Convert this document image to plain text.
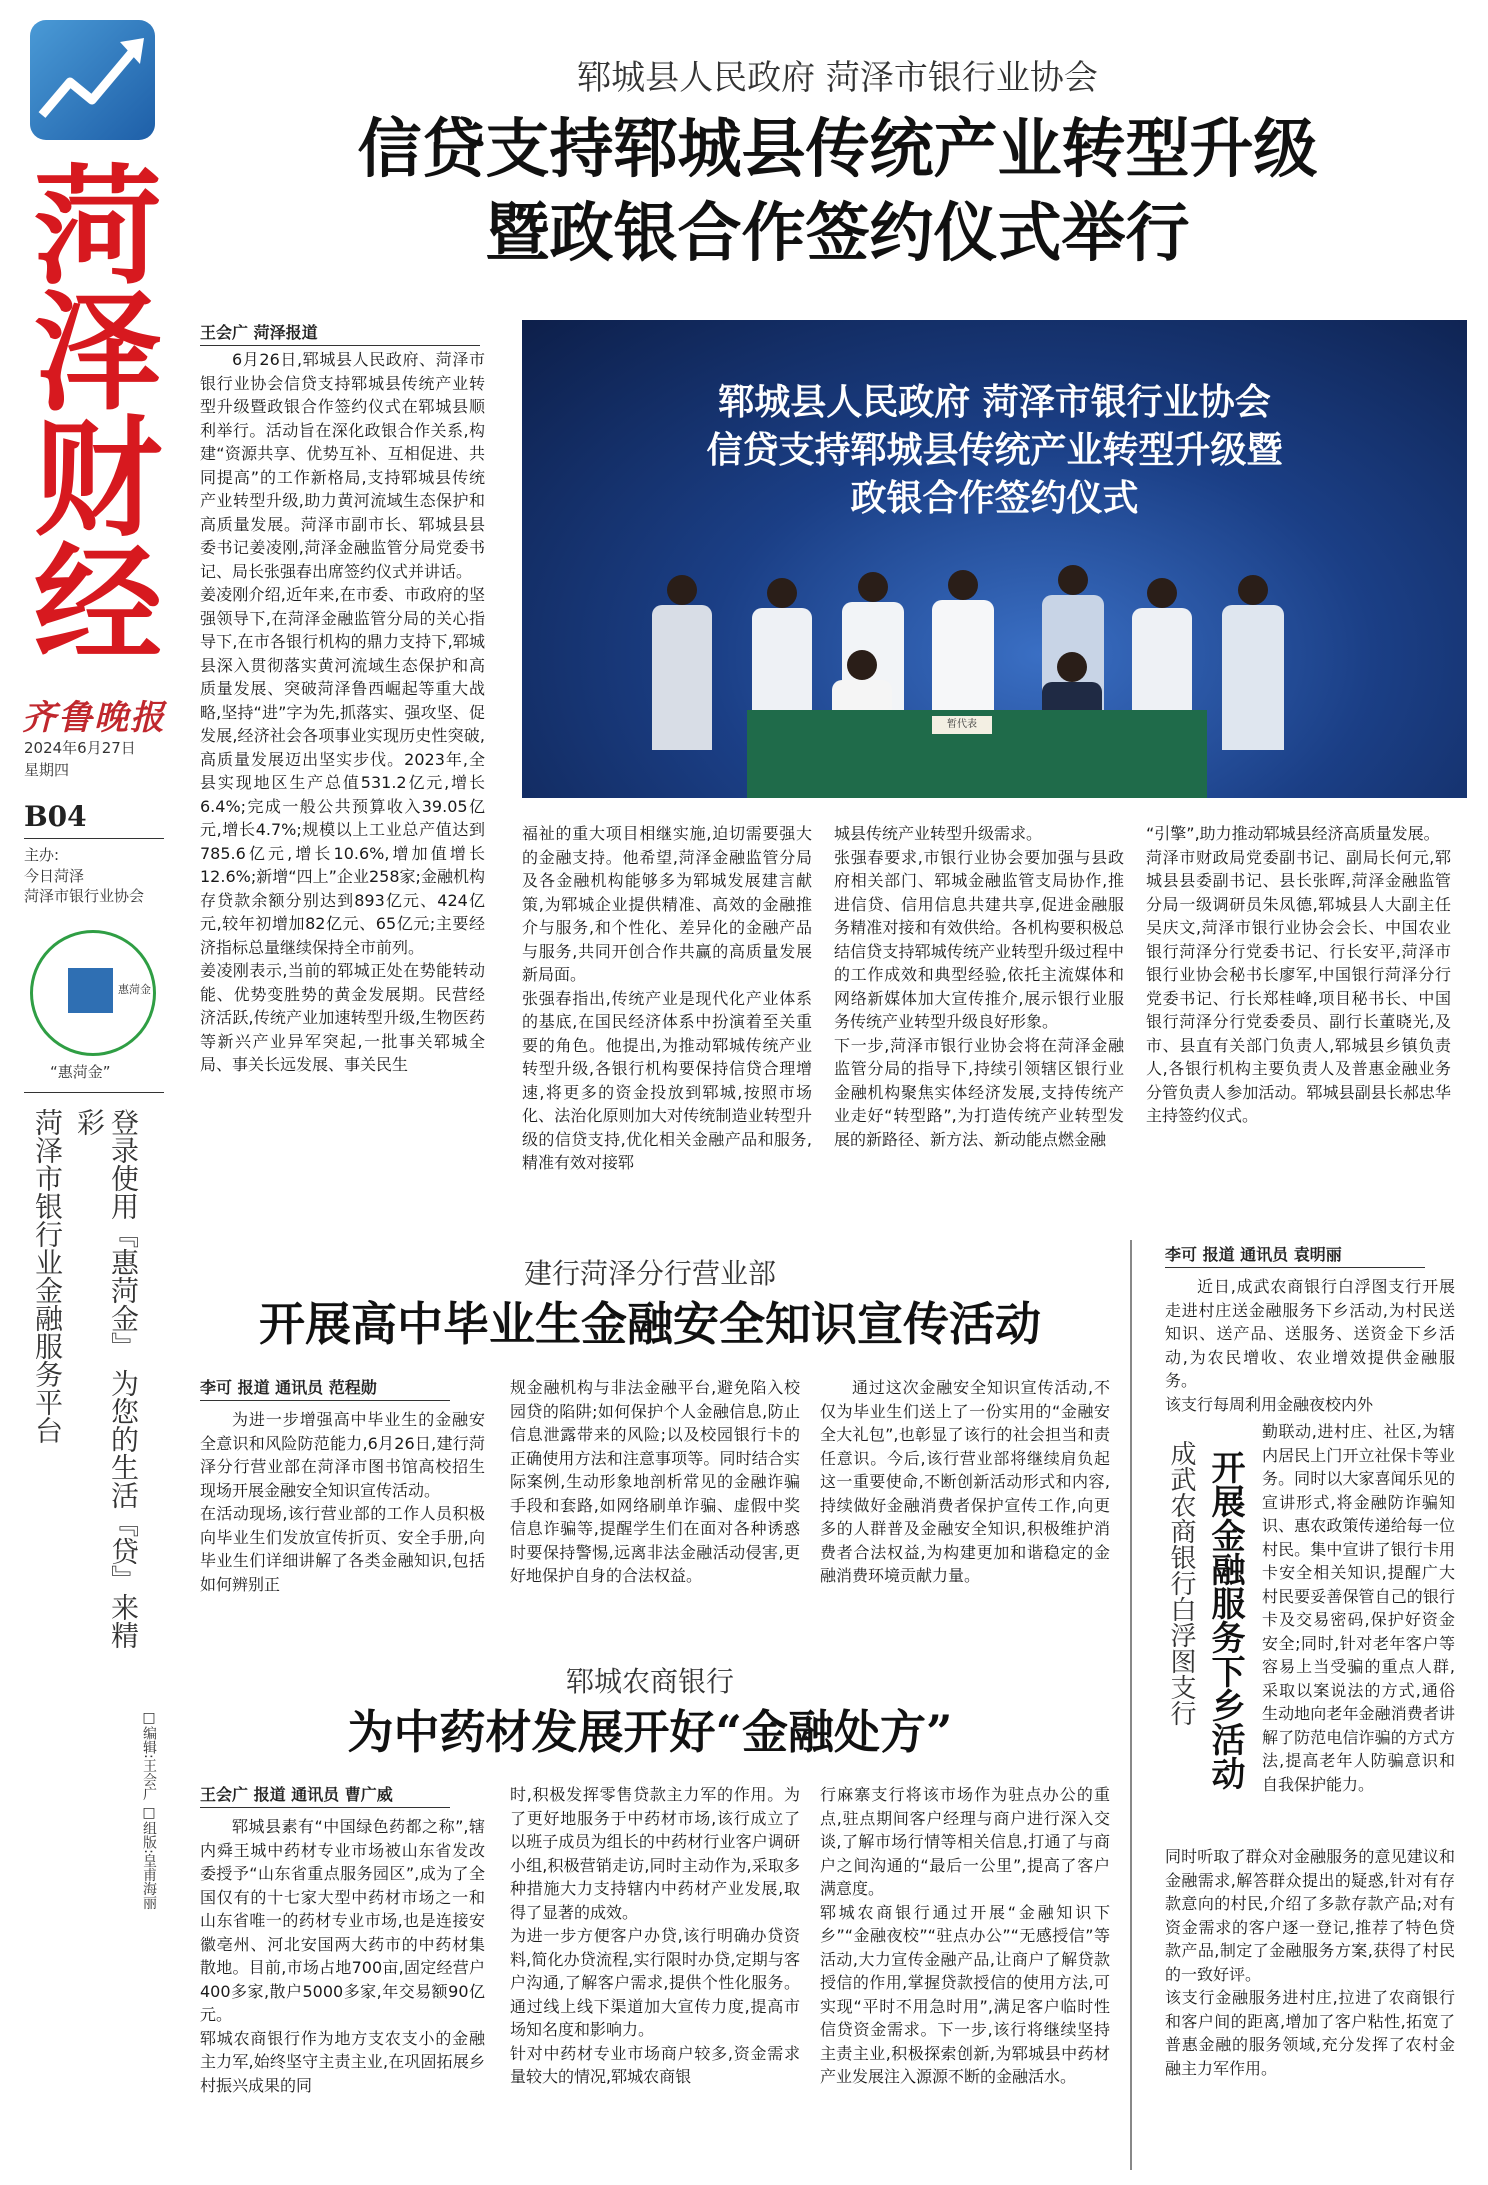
菏泽财经
齐鲁晚报
2024年6月27日
星期四
B04
主办:
今日菏泽
菏泽市银行业协会
惠菏金
“惠菏金”
菏泽市银行业金融服务平台	登录使用『惠菏金』 为您的生活『贷』来精彩
□编辑:王会广 □组版:皇甫海丽
郓城县人民政府 菏泽市银行业协会
信贷支持郓城县传统产业转型升级
暨政银合作签约仪式举行
王会广 菏泽报道
6月26日,郓城县人民政府、菏泽市银行业协会信贷支持郓城县传统产业转型升级暨政银合作签约仪式在郓城县顺利举行。活动旨在深化政银合作关系,构建“资源共享、优势互补、互相促进、共同提高”的工作新格局,支持郓城县传统产业转型升级,助力黄河流域生态保护和高质量发展。菏泽市副市长、郓城县县委书记姜凌刚,菏泽金融监管分局党委书记、局长张强春出席签约仪式并讲话。
姜凌刚介绍,近年来,在市委、市政府的坚强领导下,在菏泽金融监管分局的关心指导下,在市各银行机构的鼎力支持下,郓城县深入贯彻落实黄河流域生态保护和高质量发展、突破菏泽鲁西崛起等重大战略,坚持“进”字为先,抓落实、强攻坚、促发展,经济社会各项事业实现历史性突破,高质量发展迈出坚实步伐。2023年,全县实现地区生产总值531.2亿元,增长6.4%;完成一般公共预算收入39.05亿元,增长4.7%;规模以上工业总产值达到785.6亿元,增长10.6%,增加值增长12.6%;新增“四上”企业258家;金融机构存贷款余额分别达到893亿元、424亿元,较年初增加82亿元、65亿元;主要经济指标总量继续保持全市前列。
姜凌刚表示,当前的郓城正处在势能转动能、优势变胜势的黄金发展期。民营经济活跃,传统产业加速转型升级,生物医药等新兴产业异军突起,一批事关郓城全局、事关长远发展、事关民生
郓城县人民政府 菏泽市银行业协会
信贷支持郓城县传统产业转型升级暨
政银合作签约仪式
暂代表
福祉的重大项目相继实施,迫切需要强大的金融支持。他希望,菏泽金融监管分局及各金融机构能够多为郓城发展建言献策,为郓城企业提供精准、高效的金融推介与服务,和个性化、差异化的金融产品与服务,共同开创合作共赢的高质量发展新局面。
张强春指出,传统产业是现代化产业体系的基底,在国民经济体系中扮演着至关重要的角色。他提出,为推动郓城传统产业转型升级,各银行机构要保持信贷合理增速,将更多的资金投放到郓城,按照市场化、法治化原则加大对传统制造业转型升级的信贷支持,优化相关金融产品和服务,精准有效对接郓
城县传统产业转型升级需求。
张强春要求,市银行业协会要加强与县政府相关部门、郓城金融监管支局协作,推进信贷、信用信息共建共享,促进金融服务精准对接和有效供给。各机构要积极总结信贷支持郓城传统产业转型升级过程中的工作成效和典型经验,依托主流媒体和网络新媒体加大宣传推介,展示银行业服务传统产业转型升级良好形象。
下一步,菏泽市银行业协会将在菏泽金融监管分局的指导下,持续引领辖区银行业金融机构聚焦实体经济发展,支持传统产业走好“转型路”,为打造传统产业转型发展的新路径、新方法、新动能点燃金融
“引擎”,助力推动郓城县经济高质量发展。
菏泽市财政局党委副书记、副局长何元,郓城县县委副书记、县长张晖,菏泽金融监管分局一级调研员朱凤德,郓城县人大副主任吴庆文,菏泽市银行业协会会长、中国农业银行菏泽分行党委书记、行长安平,菏泽市银行业协会秘书长廖军,中国银行菏泽分行党委书记、行长郑桂峰,项目秘书长、中国银行菏泽分行党委委员、副行长董晓光,及市、县直有关部门负责人,郓城县乡镇负责人,各银行机构主要负责人及普惠金融业务分管负责人参加活动。郓城县副县长郝忠华主持签约仪式。
建行菏泽分行营业部
开展高中毕业生金融安全知识宣传活动
李可 报道 通讯员 范程勋
为进一步增强高中毕业生的金融安全意识和风险防范能力,6月26日,建行菏泽分行营业部在菏泽市图书馆高校招生现场开展金融安全知识宣传活动。
在活动现场,该行营业部的工作人员积极向毕业生们发放宣传折页、安全手册,向毕业生们详细讲解了各类金融知识,包括如何辨别正
规金融机构与非法金融平台,避免陷入校园贷的陷阱;如何保护个人金融信息,防止信息泄露带来的风险;以及校园银行卡的正确使用方法和注意事项等。同时结合实际案例,生动形象地剖析常见的金融诈骗手段和套路,如网络刷单诈骗、虚假中奖信息诈骗等,提醒学生们在面对各种诱惑时要保持警惕,远离非法金融活动侵害,更好地保护自身的合法权益。
通过这次金融安全知识宣传活动,不仅为毕业生们送上了一份实用的“金融安全大礼包”,也彰显了该行的社会担当和责任意识。今后,该行营业部将继续肩负起这一重要使命,不断创新活动形式和内容,持续做好金融消费者保护宣传工作,向更多的人群普及金融安全知识,积极维护消费者合法权益,为构建更加和谐稳定的金融消费环境贡献力量。
郓城农商银行
为中药材发展开好“金融处方”
王会广 报道 通讯员 曹广威
郓城县素有“中国绿色药都之称”,辖内舜王城中药材专业市场被山东省发改委授予“山东省重点服务园区”,成为了全国仅有的十七家大型中药材市场之一和山东省唯一的药材专业市场,也是连接安徽亳州、河北安国两大药市的中药材集散地。目前,市场占地700亩,固定经营户400多家,散户5000多家,年交易额90亿元。
郓城农商银行作为地方支农支小的金融主力军,始终坚守主责主业,在巩固拓展乡村振兴成果的同
时,积极发挥零售贷款主力军的作用。为了更好地服务于中药材市场,该行成立了以班子成员为组长的中药材行业客户调研小组,积极营销走访,同时主动作为,采取多种措施大力支持辖内中药材产业发展,取得了显著的成效。
为进一步方便客户办贷,该行明确办贷资料,简化办贷流程,实行限时办贷,定期与客户沟通,了解客户需求,提供个性化服务。通过线上线下渠道加大宣传力度,提高市场知名度和影响力。
针对中药材专业市场商户较多,资金需求量较大的情况,郓城农商银
行麻寨支行将该市场作为驻点办公的重点,驻点期间客户经理与商户进行深入交谈,了解市场行情等相关信息,打通了与商户之间沟通的“最后一公里”,提高了客户满意度。
郓城农商银行通过开展“金融知识下乡”“金融夜校”“驻点办公”“无感授信”等活动,大力宣传金融产品,让商户了解贷款授信的作用,掌握贷款授信的使用方法,可实现“平时不用急时用”,满足客户临时性信贷资金需求。下一步,该行将继续坚持主责主业,积极探索创新,为郓城县中药材产业发展注入源源不断的金融活水。
李可 报道 通讯员 袁明丽
近日,成武农商银行白浮图支行开展走进村庄送金融服务下乡活动,为村民送知识、送产品、送服务、送资金下乡活动,为农民增收、农业增效提供金融服务。
该支行每周利用金融夜校内外
成武农商银行白浮图支行 开展金融服务下乡活动
勤联动,进村庄、社区,为辖内居民上门开立社保卡等业务。同时以大家喜闻乐见的宣讲形式,将金融防诈骗知识、惠农政策传递给每一位村民。集中宣讲了银行卡用卡安全相关知识,提醒广大村民要妥善保管自己的银行卡及交易密码,保护好资金安全;同时,针对老年客户等容易上当受骗的重点人群,采取以案说法的方式,通俗生动地向老年金融消费者讲解了防范电信诈骗的方式方法,提高老年人防骗意识和自我保护能力。
同时听取了群众对金融服务的意见建议和金融需求,解答群众提出的疑惑,针对有存款意向的村民,介绍了多款存款产品;对有资金需求的客户逐一登记,推荐了特色贷款产品,制定了金融服务方案,获得了村民的一致好评。
该支行金融服务进村庄,拉进了农商银行和客户间的距离,增加了客户粘性,拓宽了普惠金融的服务领域,充分发挥了农村金融主力军作用。
